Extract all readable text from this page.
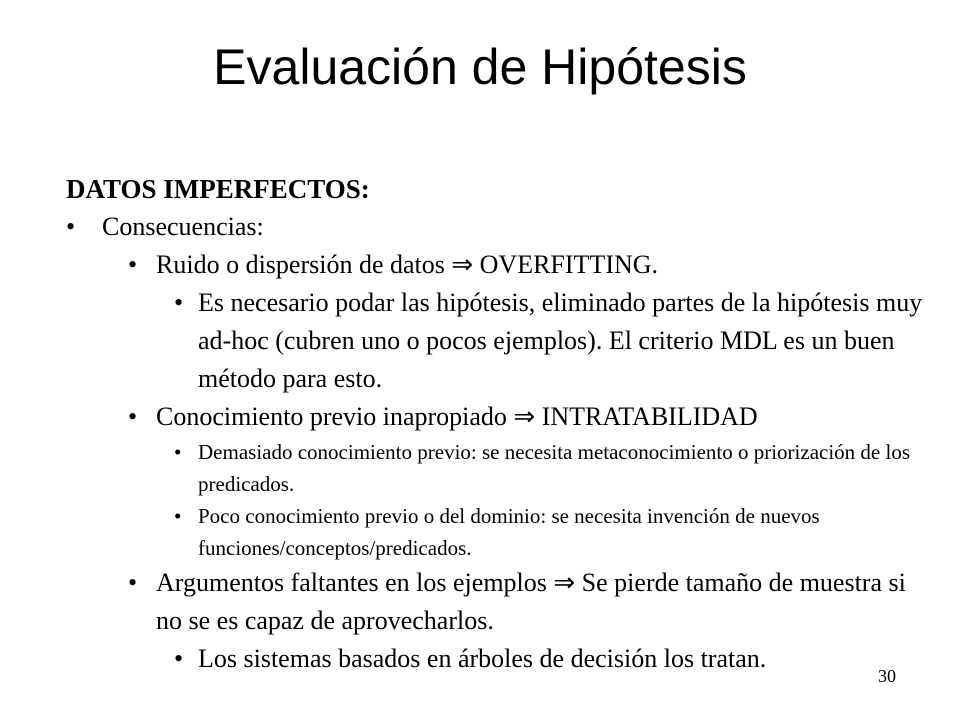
Evaluación de Hipótesis

DATOS IMPERFECTOS:

• Consecuencias:
• Ruido o dispersión de datos ⇒ OVERFITTING.
• Es necesario podar las hipótesis, eliminado partes de la hipótesis muy ad-hoc (cubren uno o pocos ejemplos). El criterio MDL es un buen método para esto.
• Conocimiento previo inapropiado ⇒ INTRATABILIDAD
• Demasiado conocimiento previo: se necesita metaconocimiento o priorización de los predicados.
• Poco conocimiento previo o del dominio: se necesita invención de nuevos funciones/conceptos/predicados.
• Argumentos faltantes en los ejemplos ⇒ Se pierde tamaño de muestra si no se es capaz de aprovecharlos.
• Los sistemas basados en árboles de decisión los tratan.
30
